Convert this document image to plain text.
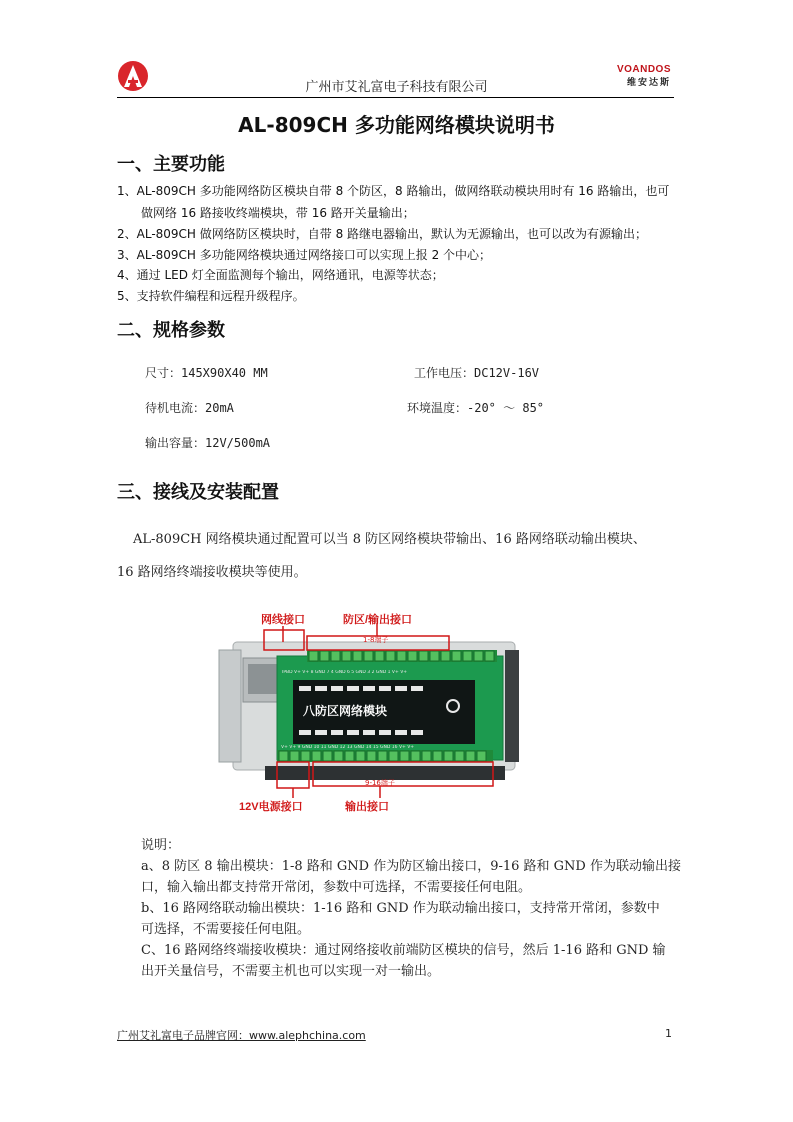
广州市艾礼富电子科技有限公司
VOANDOS
维安达斯
AL-809CH 多功能网络模块说明书
一、主要功能
1、AL-809CH 多功能网络防区模块自带 8 个防区，8 路输出，做网络联动模块用时有 16 路输出，也可
做网络 16 路接收终端模块，带 16 路开关量输出；
2、AL-809CH 做网络防区模块时，自带 8 路继电器输出，默认为无源输出，也可以改为有源输出；
3、AL-809CH 多功能网络模块通过网络接口可以实现上报 2 个中心；
4、通过 LED 灯全面监测每个输出，网络通讯，电源等状态；
5、支持软件编程和远程升级程序。
二、规格参数
尺寸：145X90X40 MM	工作电压：DC12V-16V
待机电流：20mA	环境温度：-20° ～ 85°
输出容量：12V/500mA
三、接线及安装配置
AL-809CH 网络模块通过配置可以当 8 防区网络模块带输出、16 路网络联动输出模块、
16 路网络终端接收模块等使用。
网线接口	防区/输出接口
1-8端子
IPBD V+ V+ 8 GND 7 4 GND 6 5 GND 3 2 GND 1 V+ V+
八防区网络模块
V+ V+ 9 GND 10 11 GND 12 13 GND 14 15 GND 16 V+ V+
9-16端子
12V电源接口	输出接口
说明：
a、8 防区 8 输出模块：1-8 路和 GND 作为防区输出接口，9-16 路和 GND 作为联动输出接
口，输入输出都支持常开常闭，参数中可选择，不需要接任何电阻。
b、16 路网络联动输出模块：1-16 路和 GND 作为联动输出接口，支持常开常闭，参数中
可选择，不需要接任何电阻。
C、16 路网络终端接收模块：通过网络接收前端防区模块的信号，然后 1-16 路和 GND 输
出开关量信号，不需要主机也可以实现一对一输出。
广州艾礼富电子品牌官网：www.alephchina.com	1
